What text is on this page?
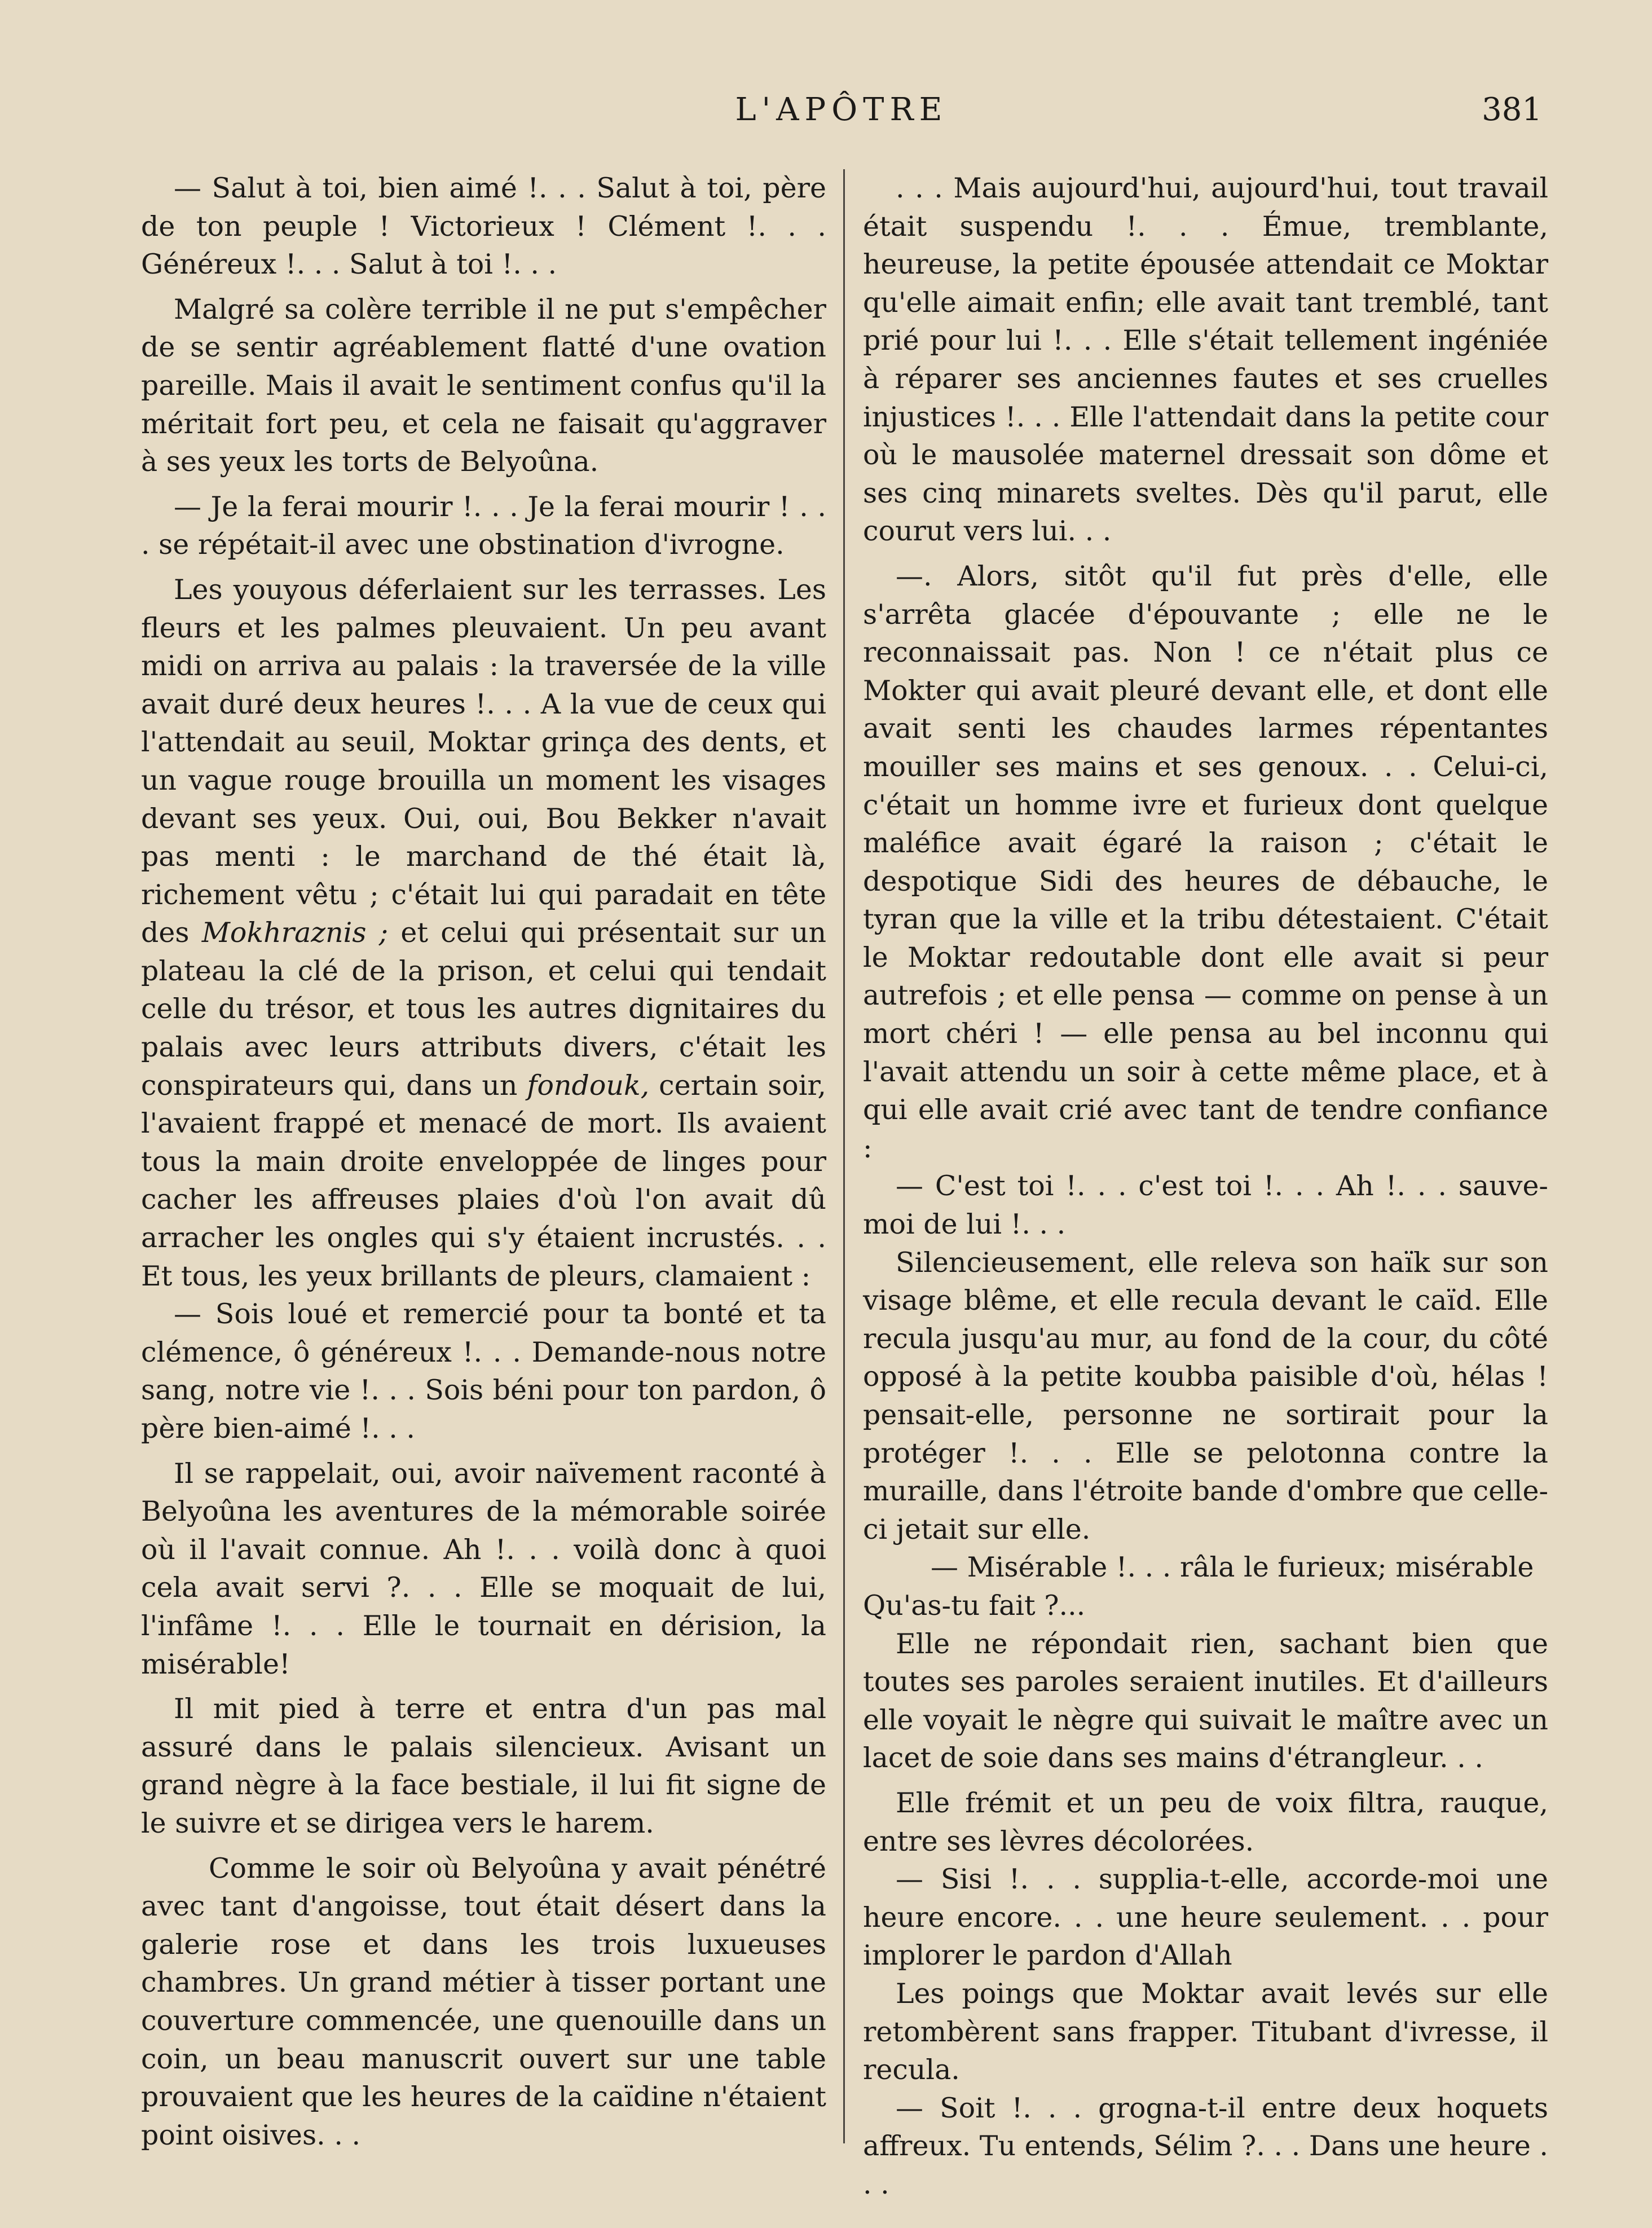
L'APÔTRE	381

— Salut à toi, bien aimé !. . . Salut à toi, père de ton peuple ! Victorieux ! Clément !. . . Généreux !. . . Salut à toi !. . .

Malgré sa colère terrible il ne put s'empêcher de se sentir agréablement flatté d'une ovation pareille. Mais il avait le sentiment confus qu'il la méritait fort peu, et cela ne faisait qu'aggraver à ses yeux les torts de Belyoûna.

— Je la ferai mourir !. . . Je la ferai mourir ! . . . se répétait-il avec une obstination d'ivrogne.

Les youyous déferlaient sur les terrasses. Les fleurs et les palmes pleuvaient. Un peu avant midi on arriva au palais : la traversée de la ville avait duré deux heures !. . . A la vue de ceux qui l'attendait au seuil, Moktar grinça des dents, et un vague rouge brouilla un moment les visages devant ses yeux. Oui, oui, Bou Bekker n'avait pas menti : le marchand de thé était là, richement vêtu ; c'était lui qui paradait en tête des Mokhraznis ; et celui qui présentait sur un plateau la clé de la prison, et celui qui tendait celle du trésor, et tous les autres dignitaires du palais avec leurs attributs divers, c'était les conspirateurs qui, dans un fondouk, certain soir, l'avaient frappé et menacé de mort. Ils avaient tous la main droite enveloppée de linges pour cacher les affreuses plaies d'où l'on avait dû arracher les ongles qui s'y étaient incrustés. . . Et tous, les yeux brillants de pleurs, clamaient :

— Sois loué et remercié pour ta bonté et ta clémence, ô généreux !. . . Demande-nous notre sang, notre vie !. . . Sois béni pour ton pardon, ô père bien-aimé !. . .

Il se rappelait, oui, avoir naïvement raconté à Belyoûna les aventures de la mémorable soirée où il l'avait connue. Ah !. . . voilà donc à quoi cela avait servi ?. . . Elle se moquait de lui, l'infâme !. . . Elle le tournait en dérision, la misérable!

Il mit pied à terre et entra d'un pas mal assuré dans le palais silencieux. Avisant un grand nègre à la face bestiale, il lui fit signe de le suivre et se dirigea vers le harem.

Comme le soir où Belyoûna y avait pénétré avec tant d'angoisse, tout était désert dans la galerie rose et dans les trois luxueuses chambres. Un grand métier à tisser portant une couverture commencée, une quenouille dans un coin, un beau manuscrit ouvert sur une table prouvaient que les heures de la caïdine n'étaient point oisives. . .

. . . Mais aujourd'hui, aujourd'hui, tout travail était suspendu !. . . Émue, tremblante, heureuse, la petite épousée attendait ce Moktar qu'elle aimait enfin; elle avait tant tremblé, tant prié pour lui !. . . Elle s'était tellement ingéniée à réparer ses anciennes fautes et ses cruelles injustices !. . . Elle l'attendait dans la petite cour où le mausolée maternel dressait son dôme et ses cinq minarets sveltes. Dès qu'il parut, elle courut vers lui. . .

—. Alors, sitôt qu'il fut près d'elle, elle s'arrêta glacée d'épouvante ; elle ne le reconnaissait pas. Non ! ce n'était plus ce Mokter qui avait pleuré devant elle, et dont elle avait senti les chaudes larmes répentantes mouiller ses mains et ses genoux. . . Celui-ci, c'était un homme ivre et furieux dont quelque maléfice avait égaré la raison ; c'était le despotique Sidi des heures de débauche, le tyran que la ville et la tribu détestaient. C'était le Moktar redoutable dont elle avait si peur autrefois ; et elle pensa — comme on pense à un mort chéri ! — elle pensa au bel inconnu qui l'avait attendu un soir à cette même place, et à qui elle avait crié avec tant de tendre confiance :

— C'est toi !. . . c'est toi !. . . Ah !. . . sauve-moi de lui !. . .

Silencieusement, elle releva son haïk sur son visage blême, et elle recula devant le caïd. Elle recula jusqu'au mur, au fond de la cour, du côté opposé à la petite koubba paisible d'où, hélas ! pensait-elle, personne ne sortirait pour la protéger !. . . Elle se pelotonna contre la muraille, dans l'étroite bande d'ombre que celle-ci jetait sur elle.

— Misérable !. . . râla le furieux; misérable

Qu'as-tu fait ?...

Elle ne répondait rien, sachant bien que toutes ses paroles seraient inutiles. Et d'ailleurs elle voyait le nègre qui suivait le maître avec un lacet de soie dans ses mains d'étrangleur. . .

Elle frémit et un peu de voix filtra, rauque, entre ses lèvres décolorées.

— Sisi !. . . supplia-t-elle, accorde-moi une heure encore. . . une heure seulement. . . pour implorer le pardon d'Allah

Les poings que Moktar avait levés sur elle retombèrent sans frapper. Titubant d'ivresse, il recula.

— Soit !. . . grogna-t-il entre deux hoquets affreux. Tu entends, Sélim ?. . . Dans une heure . . .
